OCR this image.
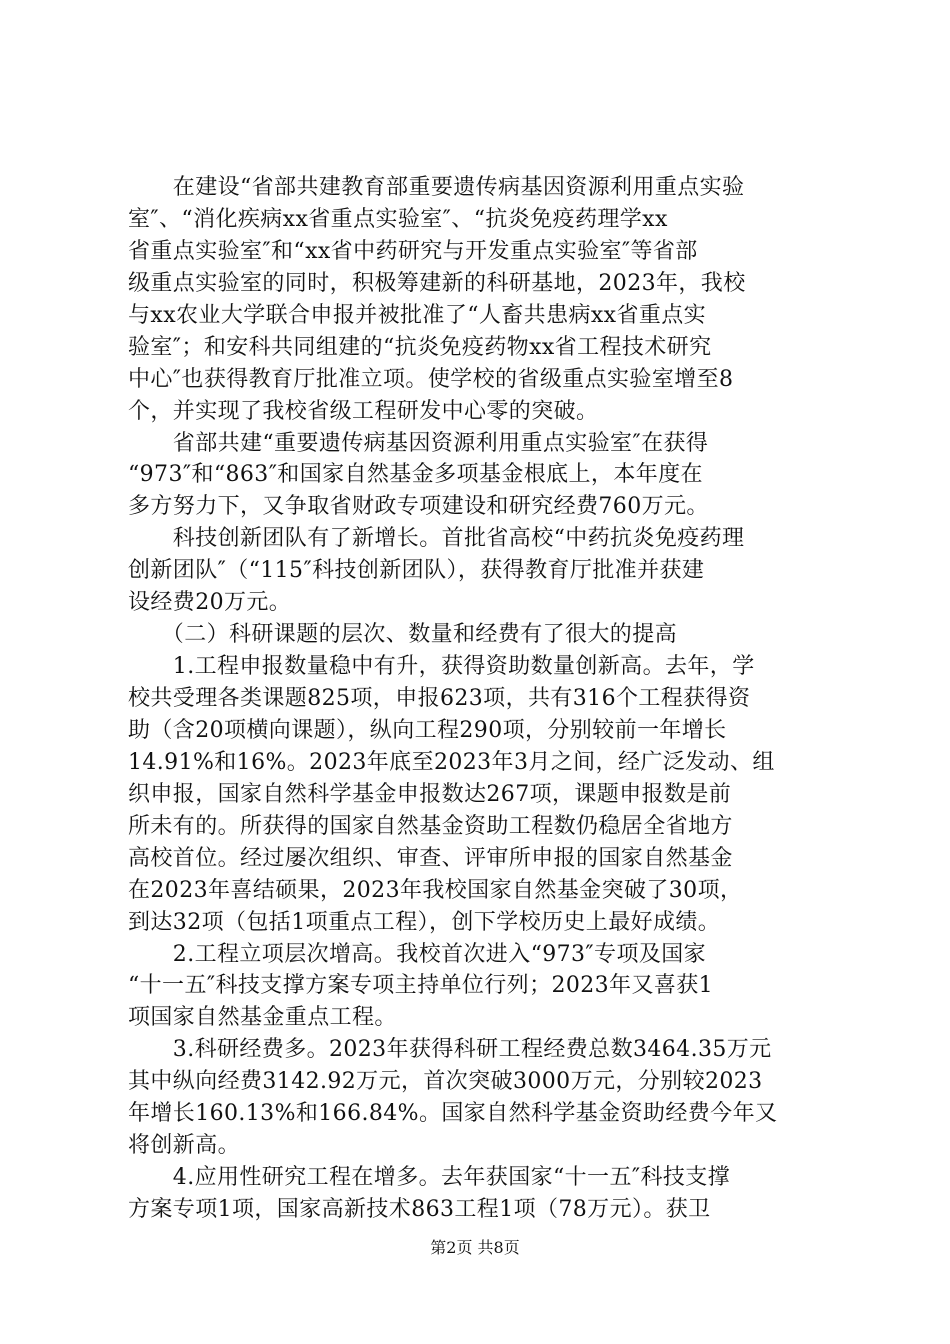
　　在建设“省部共建教育部重要遗传病基因资源利用重点实验
室″、“消化疾病xx省重点实验室″、“抗炎免疫药理学xx
省重点实验室″和“xx省中药研究与开发重点实验室″等省部
级重点实验室的同时，积极筹建新的科研基地，2023年，我校
与xx农业大学联合申报并被批准了“人畜共患病xx省重点实
验室″；和安科共同组建的“抗炎免疫药物xx省工程技术研究
中心″也获得教育厅批准立项。使学校的省级重点实验室增至8
个，并实现了我校省级工程研发中心零的突破。
　　省部共建“重要遗传病基因资源利用重点实验室″在获得
“973″和“863″和国家自然基金多项基金根底上，本年度在
多方努力下，又争取省财政专项建设和研究经费760万元。
　　科技创新团队有了新增长。首批省高校“中药抗炎免疫药理
创新团队″（“115″科技创新团队），获得教育厅批准并获建
设经费20万元。
　　（二）科研课题的层次、数量和经费有了很大的提高
　　1.工程申报数量稳中有升，获得资助数量创新高。去年，学
校共受理各类课题825项，申报623项，共有316个工程获得资
助（含20项横向课题），纵向工程290项，分别较前一年增长
14.91%和16%。2023年底至2023年3月之间，经广泛发动、组
织申报，国家自然科学基金申报数达267项，课题申报数是前
所未有的。所获得的国家自然基金资助工程数仍稳居全省地方
高校首位。经过屡次组织、审查、评审所申报的国家自然基金
在2023年喜结硕果，2023年我校国家自然基金突破了30项，
到达32项（包括1项重点工程），创下学校历史上最好成绩。
　　2.工程立项层次增高。我校首次进入“973″专项及国家
“十一五″科技支撑方案专项主持单位行列；2023年又喜获1
项国家自然基金重点工程。
　　3.科研经费多。2023年获得科研工程经费总数3464.35万元
其中纵向经费3142.92万元，首次突破3000万元，分别较2023
年增长160.13%和166.84%。国家自然科学基金资助经费今年又
将创新高。
第2页 共8页
　　4.应用性研究工程在增多。去年获国家“十一五″科技支撑
方案专项1项，国家高新技术863工程1项（78万元）。获卫
